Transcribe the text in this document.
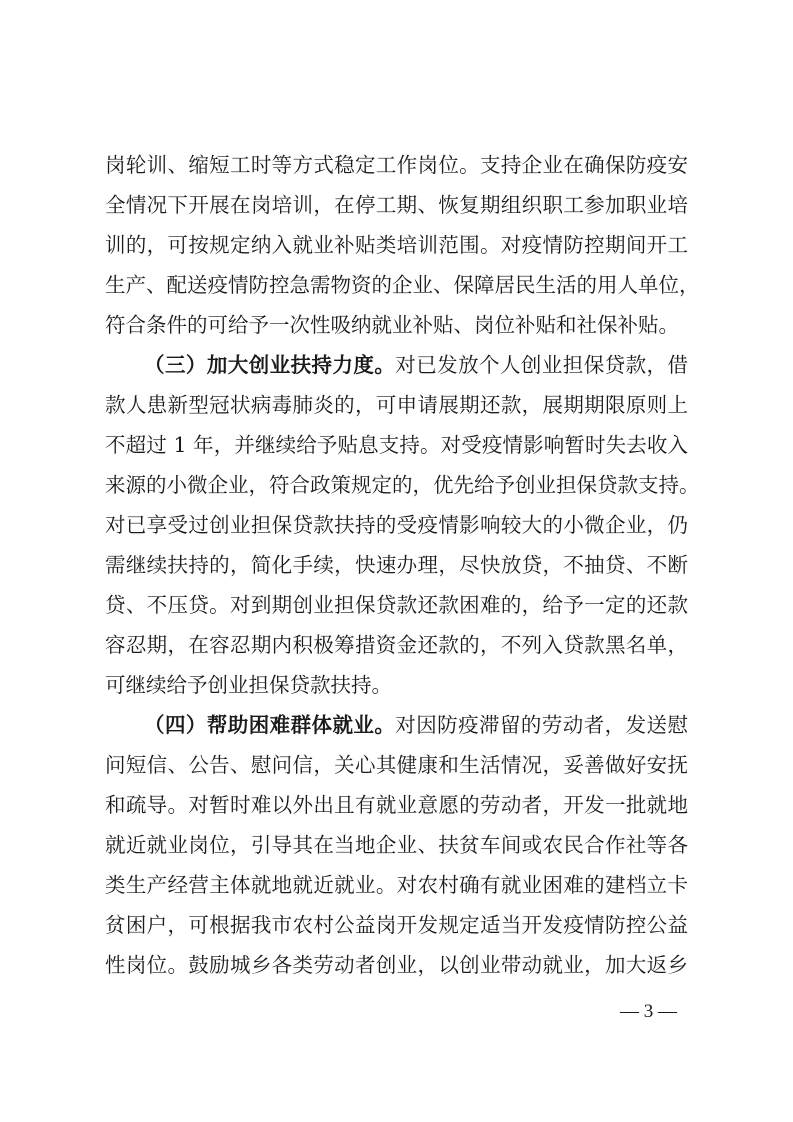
岗轮训、缩短工时等方式稳定工作岗位。支持企业在确保防疫安
全情况下开展在岗培训，在停工期、恢复期组织职工参加职业培
训的，可按规定纳入就业补贴类培训范围。对疫情防控期间开工
生产、配送疫情防控急需物资的企业、保障居民生活的用人单位，
符合条件的可给予一次性吸纳就业补贴、岗位补贴和社保补贴。
（三）加大创业扶持力度。对已发放个人创业担保贷款，借
款人患新型冠状病毒肺炎的，可申请展期还款，展期期限原则上
不超过 1 年，并继续给予贴息支持。对受疫情影响暂时失去收入
来源的小微企业，符合政策规定的，优先给予创业担保贷款支持。
对已享受过创业担保贷款扶持的受疫情影响较大的小微企业，仍
需继续扶持的，简化手续，快速办理，尽快放贷，不抽贷、不断
贷、不压贷。对到期创业担保贷款还款困难的，给予一定的还款
容忍期，在容忍期内积极筹措资金还款的，不列入贷款黑名单，
可继续给予创业担保贷款扶持。
（四）帮助困难群体就业。对因防疫滞留的劳动者，发送慰
问短信、公告、慰问信，关心其健康和生活情况，妥善做好安抚
和疏导。对暂时难以外出且有就业意愿的劳动者，开发一批就地
就近就业岗位，引导其在当地企业、扶贫车间或农民合作社等各
类生产经营主体就地就近就业。对农村确有就业困难的建档立卡
贫困户，可根据我市农村公益岗开发规定适当开发疫情防控公益
性岗位。鼓励城乡各类劳动者创业，以创业带动就业，加大返乡
— 3 —
